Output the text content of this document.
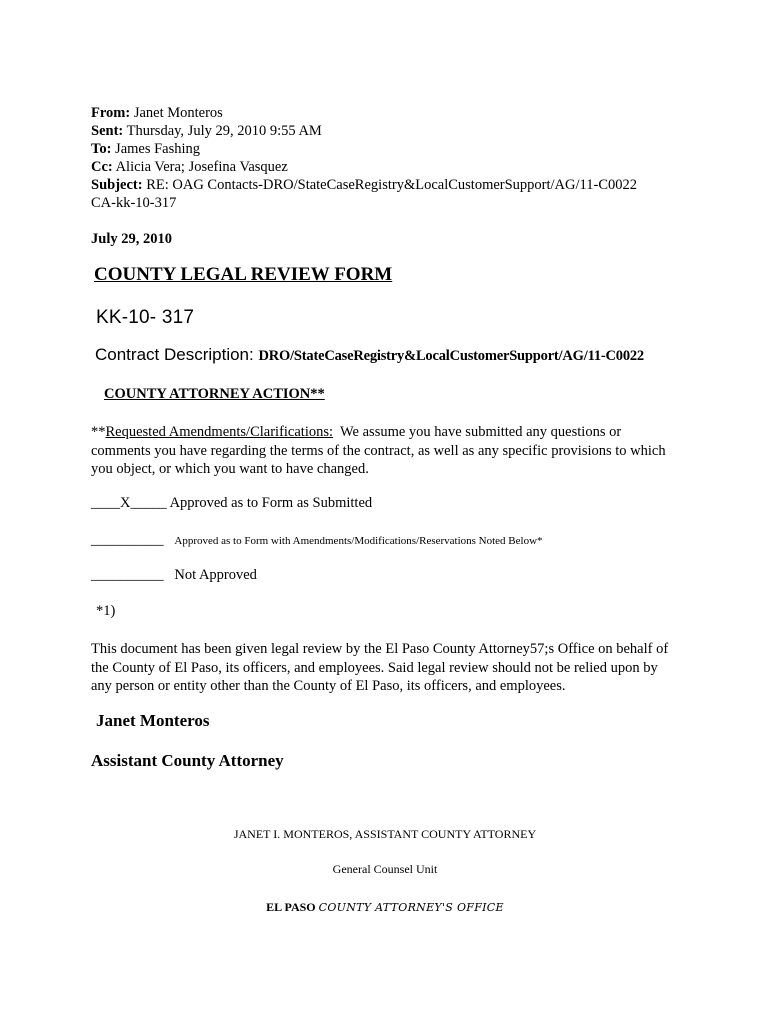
From: Janet Monteros
Sent: Thursday, July 29, 2010 9:55 AM
To: James Fashing
Cc: Alicia Vera; Josefina Vasquez
Subject: RE: OAG Contacts-DRO/StateCaseRegistry&LocalCustomerSupport/AG/11-C0022
CA-kk-10-317
July 29, 2010
COUNTY LEGAL REVIEW FORM
KK-10- 317
Contract Description: DRO/StateCaseRegistry&LocalCustomerSupport/AG/11-C0022
COUNTY ATTORNEY ACTION**
**Requested Amendments/Clarifications: We assume you have submitted any questions or comments you have regarding the terms of the contract, as well as any specific provisions to which you object, or which you want to have changed.
____X_____ Approved as to Form as Submitted
__________ Approved as to Form with Amendments/Modifications/Reservations Noted Below*
__________ Not Approved
*1)
This document has been given legal review by the El Paso County Attorney57;s Office on behalf of the County of El Paso, its officers, and employees. Said legal review should not be relied upon by any person or entity other than the County of El Paso, its officers, and employees.
Janet Monteros
Assistant County Attorney
JANET I. MONTEROS, ASSISTANT COUNTY ATTORNEY
General Counsel Unit
EL PASO COUNTY ATTORNEY'S OFFICE
